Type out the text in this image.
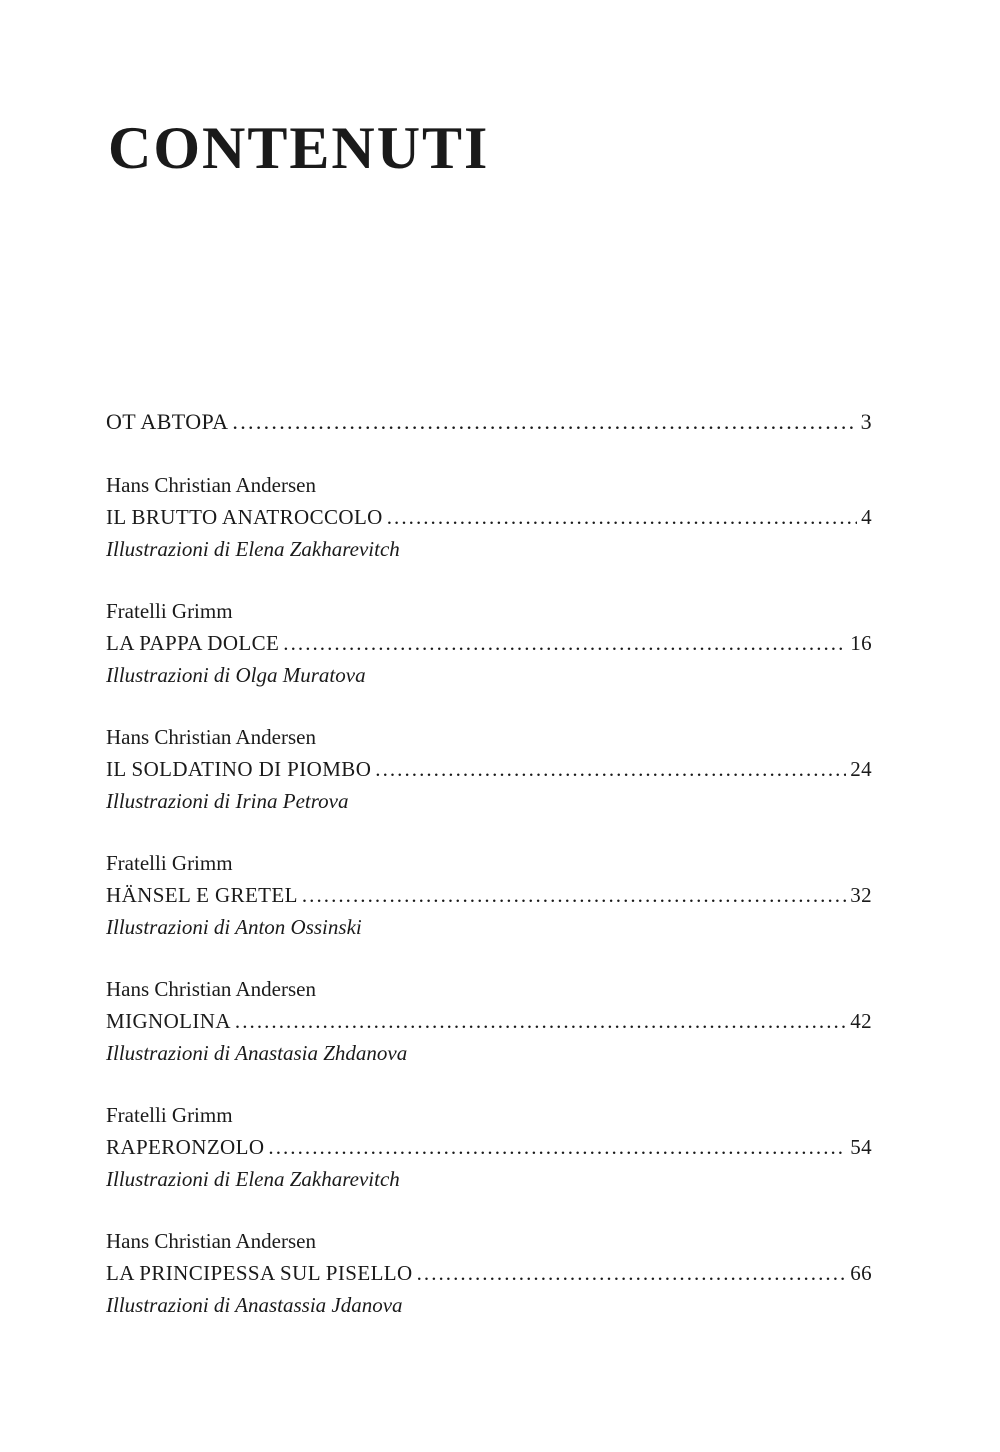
CONTENUTI
OT ABTOPA . . .	3
Hans Christian Andersen
IL BRUTTO ANATROCCOLO . . .	4
Illustrazioni di Elena Zakharevitch
Fratelli Grimm
LA PAPPA DOLCE . . .	16
Illustrazioni di Olga Muratova
Hans Christian Andersen
IL SOLDATINO DI PIOMBO . . .	24
Illustrazioni di Irina Petrova
Fratelli Grimm
HÄNSEL E GRETEL . . .	32
Illustrazioni di Anton Ossinski
Hans Christian Andersen
MIGNOLINA . . .	42
Illustrazioni di Anastasia Zhdanova
Fratelli Grimm
RAPERONZOLO . . .	54
Illustrazioni di Elena Zakharevitch
Hans Christian Andersen
LA PRINCIPESSA SUL PISELLO . . .	66
Illustrazioni di Anastassia Jdanova
